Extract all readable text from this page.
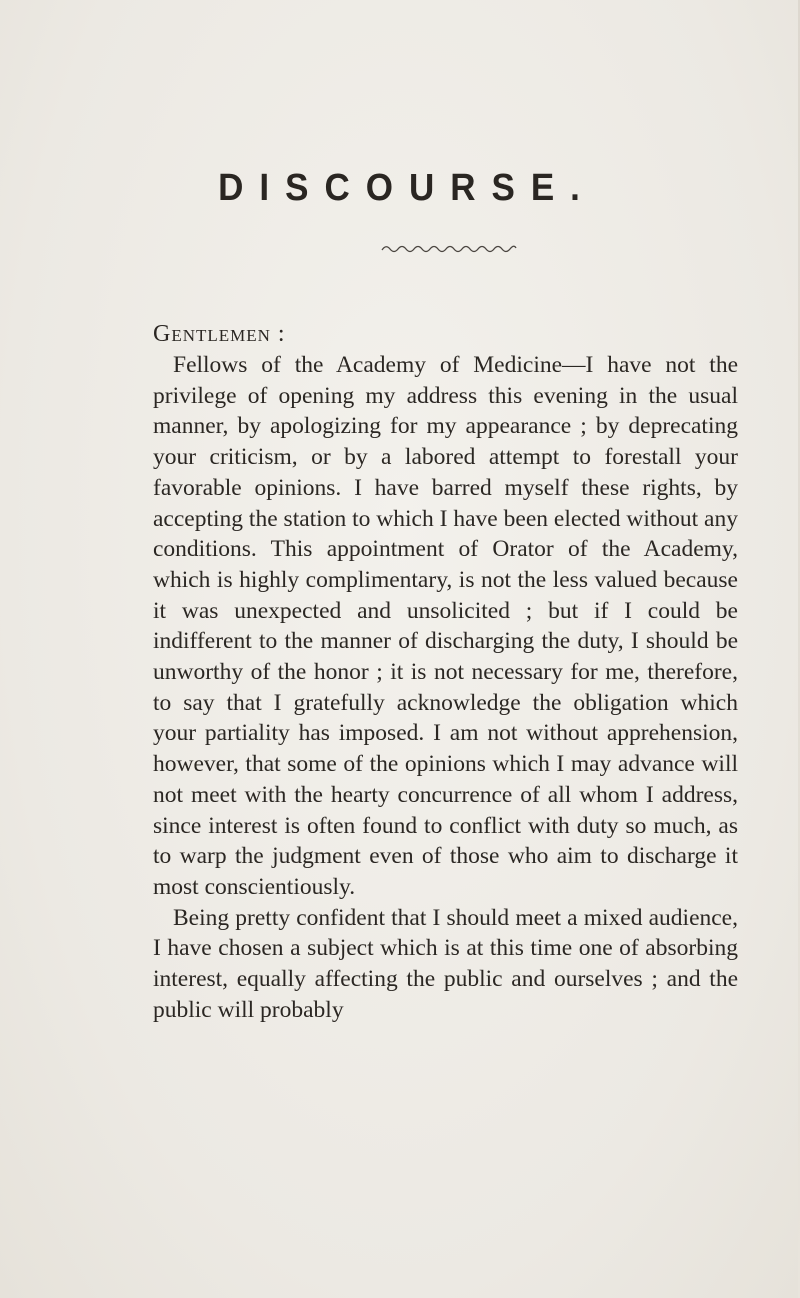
DISCOURSE.
Gentlemen :

Fellows of the Academy of Medicine—I have not the privilege of opening my address this evening in the usual manner, by apologizing for my appearance ; by deprecating your criticism, or by a labored attempt to forestall your favorable opinions. I have barred myself these rights, by accepting the station to which I have been elected without any conditions. This appointment of Orator of the Academy, which is highly complimentary, is not the less valued because it was unexpected and unsolicited ; but if I could be indifferent to the manner of discharging the duty, I should be unworthy of the honor ; it is not necessary for me, therefore, to say that I gratefully acknowledge the obligation which your partiality has imposed. I am not without apprehension, however, that some of the opinions which I may advance will not meet with the hearty concurrence of all whom I address, since interest is often found to conflict with duty so much, as to warp the judgment even of those who aim to discharge it most conscientiously.

Being pretty confident that I should meet a mixed audience, I have chosen a subject which is at this time one of absorbing interest, equally affecting the public and ourselves ; and the public will probably
